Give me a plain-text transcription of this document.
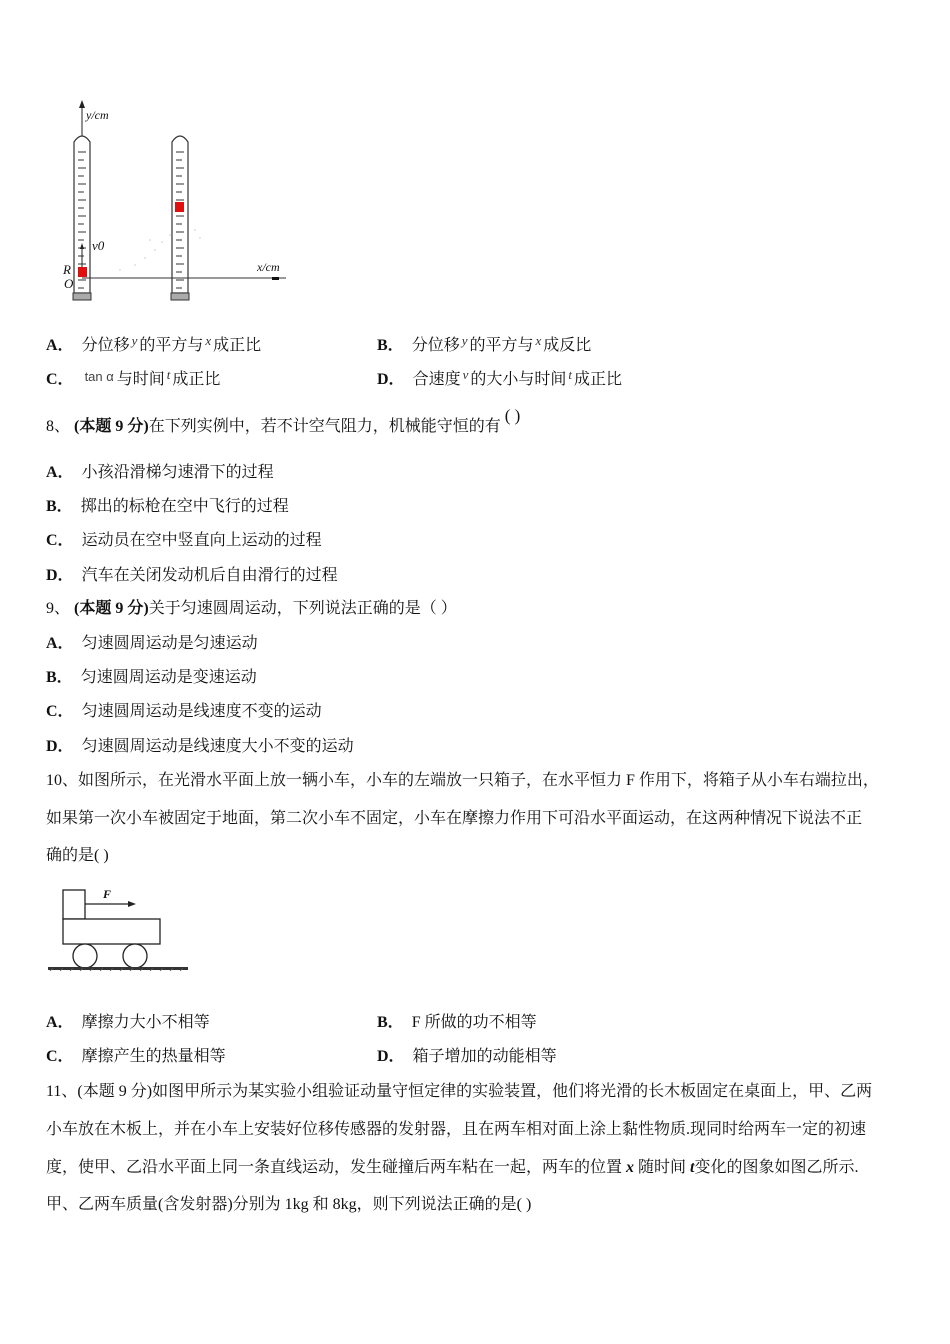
y/cm
x/cm
v0
R
O
A． 分位移 $^y$ 的平方与 $^x$ 成正比	B． 分位移 $^y$ 的平方与 $^x$ 成反比
C． tan α 与时间 $^t$ 成正比	D． 合速度 $^v$ 的大小与时间 $^t$ 成正比
8、 (本题 9 分)在下列实例中，若不计空气阻力，机械能守恒的有( )
A． 小孩沿滑梯匀速滑下的过程
B． 掷出的标枪在空中飞行的过程
C． 运动员在空中竖直向上运动的过程
D． 汽车在关闭发动机后自由滑行的过程
9、 (本题 9 分)关于匀速圆周运动，下列说法正确的是（ ）
A． 匀速圆周运动是匀速运动
B． 匀速圆周运动是变速运动
C． 匀速圆周运动是线速度不变的运动
D． 匀速圆周运动是线速度大小不变的运动
10、如图所示，在光滑水平面上放一辆小车，小车的左端放一只箱子，在水平恒力 F 作用下，将箱子从小车右端拉出，
如果第一次小车被固定于地面，第二次小车不固定，小车在摩擦力作用下可沿水平面运动，在这两种情况下说法不正
确的是( )
F
A． 摩擦力大小不相等	B． F 所做的功不相等
C． 摩擦产生的热量相等	D． 箱子增加的动能相等
11、(本题 9 分)如图甲所示为某实验小组验证动量守恒定律的实验装置，他们将光滑的长木板固定在桌面上，甲、乙两
小车放在木板上，并在小车上安装好位移传感器的发射器，且在两车相对面上涂上黏性物质.现同时给两车一定的初速
度，使甲、乙沿水平面上同一条直线运动，发生碰撞后两车粘在一起，两车的位置 x 随时间 t变化的图象如图乙所示.
甲、乙两车质量(含发射器)分别为 1kg 和 8kg，则下列说法正确的是( )
